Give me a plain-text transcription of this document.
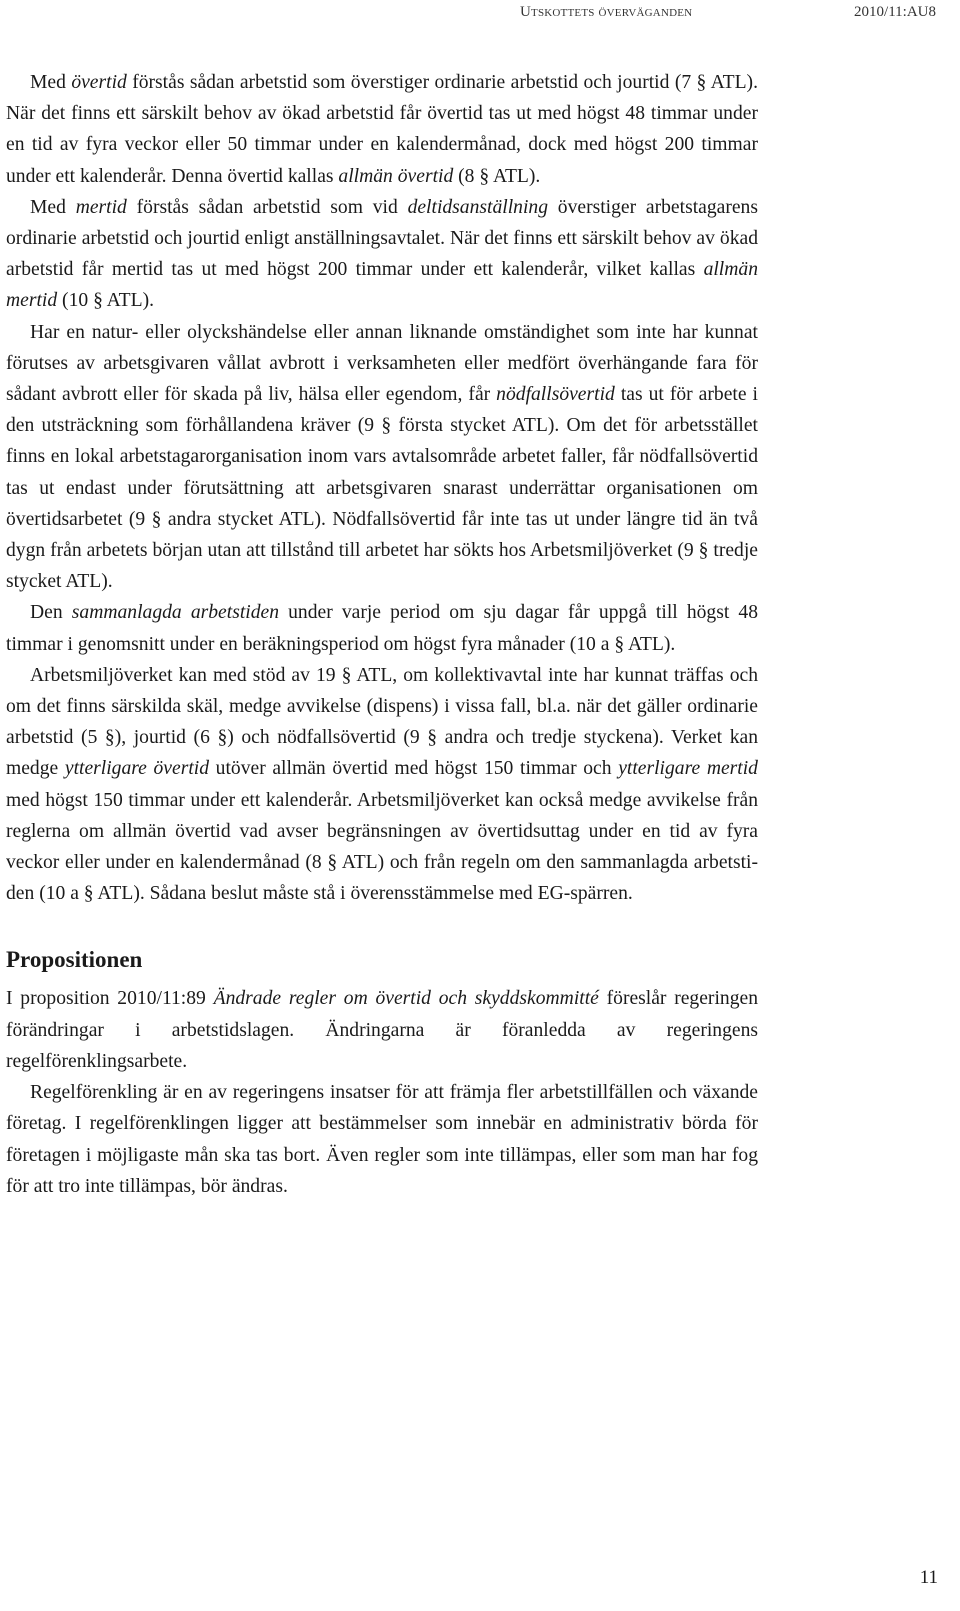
Utskottets överväganden	2010/11:AU8

Med övertid förstås sådan arbetstid som överstiger ordinarie arbetstid och jourtid (7 § ATL). När det finns ett särskilt behov av ökad arbetstid får övertid tas ut med högst 48 timmar under en tid av fyra veckor eller 50 timmar under en kalendermånad, dock med högst 200 timmar under ett kalenderår. Denna övertid kallas allmän övertid (8 § ATL).

Med mertid förstås sådan arbetstid som vid deltidsanställning överstiger arbetstagarens ordinarie arbetstid och jourtid enligt anställningsavtalet. När det finns ett särskilt behov av ökad arbetstid får mertid tas ut med högst 200 timmar under ett kalenderår, vilket kallas allmän mertid (10 § ATL).

Har en natur- eller olyckshändelse eller annan liknande omständighet som inte har kunnat förutses av arbetsgivaren vållat avbrott i verksamheten eller medfört överhängande fara för sådant avbrott eller för skada på liv, hälsa eller egendom, får nödfallsövertid tas ut för arbete i den utsträckning som förhållandena kräver (9 § första stycket ATL). Om det för arbetsstället finns en lokal arbetstagarorganisation inom vars avtalsområde arbetet faller, får nödfallsövertid tas ut endast under förutsättning att arbetsgivaren snarast underrättar organisationen om övertidsarbetet (9 § andra stycket ATL). Nödfallsövertid får inte tas ut under längre tid än två dygn från arbetets början utan att tillstånd till arbetet har sökts hos Arbetsmiljöverket (9 § tredje stycket ATL).

Den sammanlagda arbetstiden under varje period om sju dagar får uppgå till högst 48 timmar i genomsnitt under en beräkningsperiod om högst fyra månader (10 a § ATL).

Arbetsmiljöverket kan med stöd av 19 § ATL, om kollektivavtal inte har kunnat träffas och om det finns särskilda skäl, medge avvikelse (dispens) i vissa fall, bl.a. när det gäller ordinarie arbetstid (5 §), jourtid (6 §) och nödfallsövertid (9 § andra och tredje styckena). Verket kan medge ytterligare övertid utöver allmän övertid med högst 150 timmar och ytterligare mertid med högst 150 timmar under ett kalenderår. Arbetsmiljöverket kan också medge avvikelse från reglerna om allmän övertid vad avser begränsningen av övertidsuttag under en tid av fyra veckor eller under en kalendermånad (8 § ATL) och från regeln om den sammanlagda arbetstiden (10 a § ATL). Sådana beslut måste stå i överensstämmelse med EG-spärren.

Propositionen

I proposition 2010/11:89 Ändrade regler om övertid och skyddskommitté föreslår regeringen förändringar i arbetstidslagen. Ändringarna är föranledda av regeringens regelförenklingsarbete.

Regelförenkling är en av regeringens insatser för att främja fler arbetstillfällen och växande företag. I regelförenklingen ligger att bestämmelser som innebär en administrativ börda för företagen i möjligaste mån ska tas bort. Även regler som inte tillämpas, eller som man har fog för att tro inte tillämpas, bör ändras.

11
